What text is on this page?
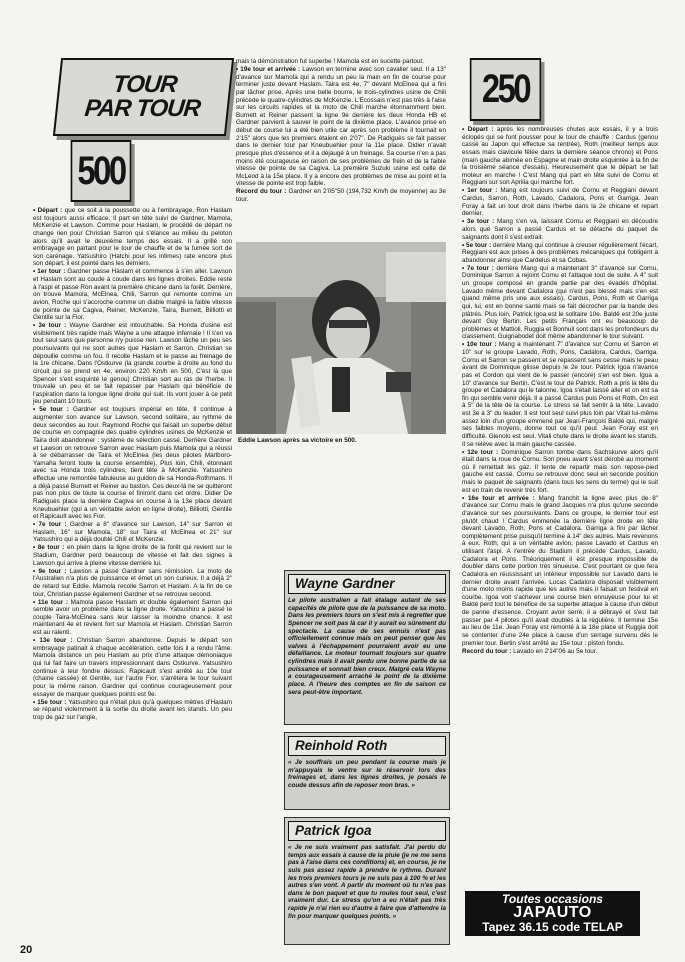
TOUR
PAR TOUR
500
250

• Départ : que ce soit à la poussette ou à l'embrayage, Ron Haslam est toujours aussi efficace. Il part en tête suivi de Gardner, Mamola, McKenzie et Lawson. Comme pour Haslam, le procédé de départ ne change rien pour Christian Sarron qui s'élance au milieu du peloton alors qu'il avait le deuxième temps des essais. Il a grillé son embrayage en partant pour le tour de chauffe et de la fumée sort de son carénage. Yatsushiro (Hatchi pour les intimes) rate encore plus son départ, il est pointé dans les derniers.

• 1er tour : Gardner passe Haslam et commence à s'en aller. Lawson et Haslam sont au coude à coude dans les lignes droites. Eddie reste à l'aspi et passe Ron avant la première chicane dans la forêt. Derrière, on trouve Mamola, McElnea, Chili, Sarron qui remonte comme un avion, Roche qui s'accroche comme un diable malgré la faible vitesse de pointe de sa Cagiva, Reiner, McKenzie, Taira, Burnett, Billiotti et Gentile sur la Fior.

• 3e tour : Wayne Gardner est intouchable. Sa Honda d'usine est visiblement très rapide mais Wayne a une attaque infernale ! Il s'en va tout seul sans que personne n'y puisse rien. Lawson lâche un peu ses poursuivants qui ne sont autres que Haslam et Sarron. Christian se dépouille comme un fou. Il recolle Haslam et le passe au freinage de la 1re chicane. Dans l'Ostkurve (la grande courbe à droite au fond du circuit qui se prend en 4e, environ 220 Km/h en 500, C'est là que Spencer s'est esquinté le genou) Christian sort au ras de l'herbe. Il trouvale un peu et se fait repasser par Haslam qui bénéficie de l'aspiration dans la longue ligne droite qui suit. Ils vont jouer à ce petit jeu pendant 10 tours.

• 5e tour : Gardner est toujours impérial en tête. Il continue à augmenter son avance sur Lawson, second solitaire, au rythme de deux secondes au tour. Raymond Roche qui faisait un superbe début de course en compagnie des quatre cylindres usines de McKenzie et Taira doit abandonner : système de sélection cassé. Derrière Gardner et Lawson on retrouve Sarron avec Haslam puis Mamola qui a réussi à se débarrasser de Taira et McElnea (les deux pilotes Marlboro-Yamaha feront toute la course ensemble). Plus loin, Chili, étonnant avec sa Honda trois cylindres, tient tête à McKenzie. Yatsushiro effectue une remontée fabuleuse au guidon de sa Honda-Rothmans. Il a déjà passé Burnett et Reiner au baston. Ces deux-là ne se quitteront pas non plus de toute la course et finiront dans cet ordre. Didier De Radiguès place la dernière Cagiva en course à la 13e place devant Kneubuehler (qui a un véritable avion en ligne droite), Billiotti, Gentile et Rapicault avec les Fior.

• 7e tour : Gardner a 8" d'avance sur Lawson, 14" sur Sarron et Haslam, 16" sur Mamola, 18" sur Taira et McElnea et 21" sur Yatsushiro qui a déjà doublé Chili et McKenzie.

• 8e tour : en plein dans la ligne droite de la forêt qui revient sur le Stadium, Gardner perd beaucoup de vitesse et fait des signes à Lawson qui arrive à pleine vitesse derrière lui.

• 9e tour : Lawson a passé Gardner sans rémission. La moto de l'Australien n'a plus de puissance et émet un son curieux. Il a déjà 2" de retard sur Eddie. Mamola recolle Sarron et Haslam. A la fin de ce tour, Christian passe également Gardner et se retrouve second.

• 11e tour : Mamola passe Haslam et double également Sarron qui semble avoir un problème dans la ligne droite. Yatsushiro a passé le couple Taira-McElnea sans leur laisser la moindre chance. Il est maintenant 4e et revient fort sur Mamola et Haslam. Christian Sarron est au ralenti.

• 13e tour : Christian Sarron abandonne. Depuis le départ son embrayage patinait à chaque accélération, cette fois il a rendu l'âme. Mamola distance un peu Haslam au prix d'une attaque démoniaque qui lui fait faire un travers impressionnant dans Ostkurve. Yatsushiro continue à leur fondre dessus. Rapicault s'est arrêté au 10e tour (chaine cassée) et Gentile, sur l'autre Fior, s'arrêtera le tour suivant pour la même raison. Gardner qui continue courageusement pour essayer de marquer quelques points est 9e.

• 15e tour : Yatsushiro qui n'était plus qu'à quelques mètres d'Haslam se répand violemment à la sortie du droite avant les stands. Un peu trop de gaz sur l'angle,

mais la démonstration fut superbe ! Mamola est en sucette partout.

• 19e tour et arrivée : Lawson en termine avec son cavalier seul. Il a 13" d'avance sur Mamola qui a rendu un peu la main en fin de course pour terminer juste devant Haslam. Taira est 4e, 7" devant McElnea qui a fini par lâcher prise. Après une belle bourre, le trois-cylindres usine de Chili précède le quatre-cylindres de McKenzie. L'Ecossais n'est pas très à l'aise sur les circuits rapides et la moto de Chili marche étonnamment bien. Burnett et Reiner passent la ligne 9e derrière les deux Honda HB et Gardner parvient à sauver le point de la dixième place. L'avance prise en début de course lui a été bien utile car après son problème il tournait en 2'15" alors que les premiers étaient en 2'07". De Radiguès se fait passer dans le dernier tour par Kneubuehler pour la 11e place. Didier n'avait presque plus d'essence et il a déjaugé à un freinage. Sa course n'en a pas moins été courageuse en raison de ses problèmes de frein et de la faible vitesse de pointe de sa Cagiva. La première Suzuki usine est celle de McLeod à la 15e place. Il y a encore des problèmes de mise au point et la vitesse de pointe est trop faible.

Record du tour : Gardner en 2'05"50 (194,732 Km/h de moyenne) au 3e tour.

Eddie Lawson après sa victoire en 500.
Wayne Gardner
Le pilote australien a fait étalage autant de ses capacités de pilote que de la puissance de sa moto. Dans les premiers tours on s'est mis à regretter que Spencer ne soit pas là car il y aurait eu sûrement du spectacle. La cause de ses ennuis n'est pas officiellement connue mais on peut penser que les valves à l'échappement pourraient avoir eu une défaillance. Le moteur tournait toujours sur quatre cylindres mais il avait perdu une bonne partie de sa puissance et sonnait bien creux. Malgré cela Wayne a courageusement arraché le point de la dixième place. A l'heure des comptes en fin de saison ce sera peut-être important.
Reinhold Roth
« Je souffrais un peu pendant la course mais je m'appuyais le ventre sur le réservoir lors des freinages et, dans les lignes droites, je posais le coude dessus afin de reposer mon bras. »
Patrick Igoa
« Je ne suis vraiment pas satisfait. J'ai perdu du temps aux essais à cause de la pluie (je ne me sens pas à l'aise dans ces conditions) et, en course, je ne suis pas assez rapide à prendre le rythme. Durant les trois premiers tours je ne suis pas à 100 % et les autres s'en vont. A partir du moment où tu n'es pas dans le bon paquet et que tu roules tout seul, c'est vraiment dur. Le stress qu'on a eu n'était pas très rapide je n'ai rien eu d'autre à faire que d'attendre la fin pour marquer quelques points. »

• Départ : après les nombreuses chutes aux essais, il y a trois éclopés qui se font pousser pour le tour de chauffe : Cardus (genou cassé au Japon qui effectue sa rentrée), Roth (meilleur temps aux essais mais clavicule fêlée dans la dernière séance chrono) et Pons (main gauche abimée en Espagne et main droite esquintée à la fin de la troisième séance d'essais). Heureusement que le départ se fait moteur en marche ! C'est Mang qui part en tête suivi de Cornu et Reggiani sur son Aprilia qui marche fort.

• 1er tour : Mang est toujours suivi de Cornu et Reggiani devant Cardus, Sarron, Roth, Lavado, Cadalora, Pons et Garriga. Jean Foray a fait un tout droit dans l'herbe dans la 2e chicane et repart dernier.

• 3e tour : Mang s'en va, laissant Cornu et Reggiani en découdre alors que Sarron a passé Cardus et se détache du paquet de saignants dont il s'est extrait.

• 5e tour : derrière Mang qui continue à creuser régulièrement l'écart, Reggiani est aux prises à des problèmes mécaniques qui l'obligent à abandonner ainsi que Cardelus et sa Cobas.

• 7e tour : derrière Mang qui a maintenant 3" d'avance sur Cornu, Dominique Sarron a rejoint Cornu et l'attaque tout de suite. A 4" suit un groupe composé en grande partie par des évadés d'hôpital. Lavado même devant Cadalora (qui n'est pas blessé mais s'en est quand même pris une aux essais), Cardus, Pons, Roth et Garriga qui, lui, est en bonne santé mais se fait décrocher par la bande des plâtrés. Plus loin, Patrick Igoa est le solitaire 10e. Baldé est 20e juste devant Guy Bertin. Les petits Français ont eu beaucoup de problèmes et Mattioli, Ruggia et Bonhuil sont dans les profondeurs du classement. Guignabodet doit même abandonner le tour suivant.

• 10e tour : Mang a maintenant 7" d'avance sur Cornu et Sarron et 10" sur le groupe Lavado, Roth, Pons, Cadalora, Cardus, Garriga. Cornu et Sarron se passent et se repassent sans cesse mais le peau avant de Dominique glisse depuis le 2e tour. Patrick Igoa n'avance pas et Cordon qui vient de le passer (encore) s'en est bien. Igoa a 10" d'avance sur Bertin. C'est le tour de Patrick. Roth a pris la tête du groupe et Cadalora qui le talonne. Igoa s'était laissé aller et on est sa fin qui semble venir déjà. Il a passé Cardus puis Pons et Roth. On est à 5" de la tête de la course. Le stress se fait sentir à la tête. Lavado est 3e à 3" du leader. Il est tout seul suivi plus loin par Vitali lui-même assez loin d'un groupe emmené par Jean-François Baldé qui, malgré ses faibles moyens, donne tout ce qu'il peut. Jean Foray est en difficulté. Gienolo est seul. Vitali chute dans le droite avant les stands. Il se relève avec la main gauche cassée.

• 12e tour : Dominique Sarron tombe dans Sachskurve alors qu'il était dans la roue de Cornu. Son pneu avant s'est dérobé au moment où il remettait les gaz. Il tente de repartir mais son repose-pied gauche est cassé. Cornu se retrouve donc seul en seconde position mais le paquet de saignants (dans tous les sens du terme) qui le suit est en train de revenir très fort.

• 16e tour et arrivée : Mang franchit la ligne avec plus de 8" d'avance sur Cornu mais le grand Jacques n'a plus qu'une seconde d'avance sur ses poursuivants. Dans ce groupe, le dernier tour est plutôt chaud ! Cardus emmenée la dernière ligne droite en tête devant Lavado, Roth, Pons et Cadalora. Garriga a fini par lâcher complètement prise puisqu'il termine à 14" des autres. Mais revenons à eux. Roth, qui a un véritable avion, passe Lavado et Cardus en utilisant l'aspi. A l'entrée du Stadium il précède Cardus, Lavado, Cadalora et Pons. Théoriquement il est presque impossible de doubler dans cette portion très sinueuse. C'est pourtant ce que fera Cadalora en réussissant un intérieur impossible sur Lavado dans le dernier droite avant l'arrivée. Lucas Cadalora disposait visiblement d'une moto moins rapide que les autres mais il faisait un festival en courbe. Igoa voit s'achever une course bien ennuyeuse pour lui et Baldé perd tout le bénéfice de sa superbe attaque à cause d'un début de panne d'essence. Croyant avoir serré, il a débrayé et s'est fait passer par 4 pilotes qu'il avait doublés à la régulière. Il termine 15e au lieu de 11e. Jean Foray est remonté à la 18e place et Ruggia doit se contenter d'une 24e place à cause d'un serrage survenu dès le premier tour. Bertin s'est arrêté au 15e tour : piston fondu.

Record du tour : Lavado en 2'14"06 au 5e tour.

Toutes occasions
JAPAUTO
Tapez 36.15 code TELAP
20
